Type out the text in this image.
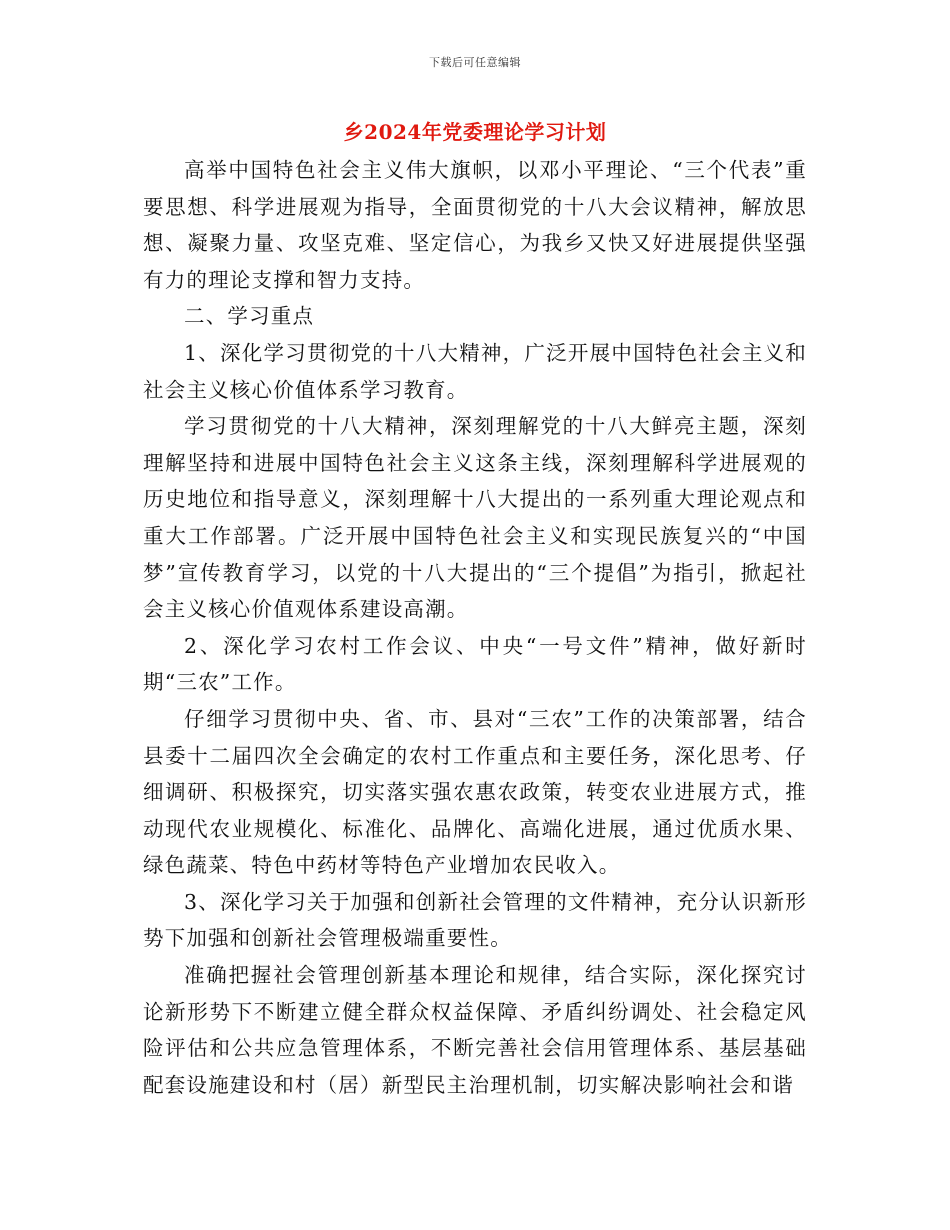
下载后可任意编辑
乡2024年党委理论学习计划

高举中国特色社会主义伟大旗帜，以邓小平理论、“三个代表”重要思想、科学进展观为指导，全面贯彻党的十八大会议精神，解放思想、凝聚力量、攻坚克难、坚定信心，为我乡又快又好进展提供坚强有力的理论支撑和智力支持。

二、学习重点

1、深化学习贯彻党的十八大精神，广泛开展中国特色社会主义和社会主义核心价值体系学习教育。

学习贯彻党的十八大精神，深刻理解党的十八大鲜亮主题，深刻理解坚持和进展中国特色社会主义这条主线，深刻理解科学进展观的历史地位和指导意义，深刻理解十八大提出的一系列重大理论观点和重大工作部署。广泛开展中国特色社会主义和实现民族复兴的“中国梦”宣传教育学习，以党的十八大提出的“三个提倡”为指引，掀起社会主义核心价值观体系建设高潮。

2、深化学习农村工作会议、中央“一号文件”精神，做好新时期“三农”工作。

仔细学习贯彻中央、省、市、县对“三农”工作的决策部署，结合县委十二届四次全会确定的农村工作重点和主要任务，深化思考、仔细调研、积极探究，切实落实强农惠农政策，转变农业进展方式，推动现代农业规模化、标准化、品牌化、高端化进展，通过优质水果、绿色蔬菜、特色中药材等特色产业增加农民收入。

3、深化学习关于加强和创新社会管理的文件精神，充分认识新形势下加强和创新社会管理极端重要性。

准确把握社会管理创新基本理论和规律，结合实际，深化探究讨论新形势下不断建立健全群众权益保障、矛盾纠纷调处、社会稳定风险评估和公共应急管理体系，不断完善社会信用管理体系、基层基础配套设施建设和村（居）新型民主治理机制，切实解决影响社会和谐
